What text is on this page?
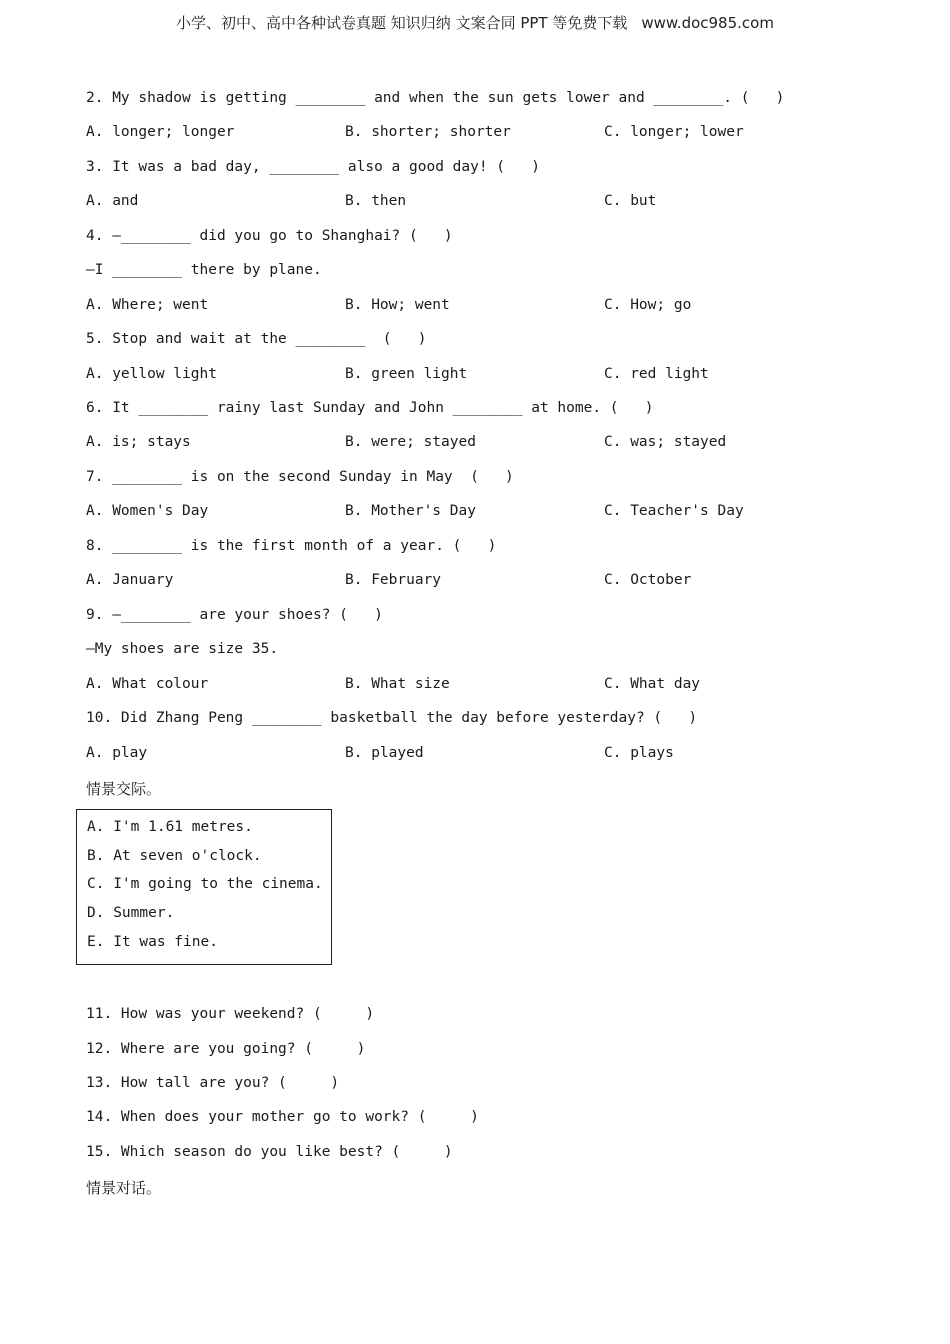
小学、初中、高中各种试卷真题 知识归纳 文案合同 PPT 等免费下载 www.doc985.com
2. My shadow is getting ________ and when the sun gets lower and ________. (   )
A. longer; longer	B. shorter; shorter	C. longer; lower
3. It was a bad day, ________ also a good day! (   )
A. and	B. then	C. but
4. —________ did you go to Shanghai? (   )
—I ________ there by plane.
A. Where; went	B. How; went	C. How; go
5. Stop and wait at the ________  (   )
A. yellow light	B. green light	C. red light
6. It ________ rainy last Sunday and John ________ at home. (   )
A. is; stays	B. were; stayed	C. was; stayed
7. ________ is on the second Sunday in May  (   )
A. Women's Day	B. Mother's Day	C. Teacher's Day
8. ________ is the first month of a year. (   )
A. January	B. February	C. October
9. —________ are your shoes? (   )
—My shoes are size 35.
A. What colour	B. What size	C. What day
10. Did Zhang Peng ________ basketball the day before yesterday? (   )
A. play	B. played	C. plays
情景交际。
A. I'm 1.61 metres.
B. At seven o'clock.
C. I'm going to the cinema.
D. Summer.
E. It was fine.
11. How was your weekend? (     )
12. Where are you going? (     )
13. How tall are you? (     )
14. When does your mother go to work? (     )
15. Which season do you like best? (     )
情景对话。
